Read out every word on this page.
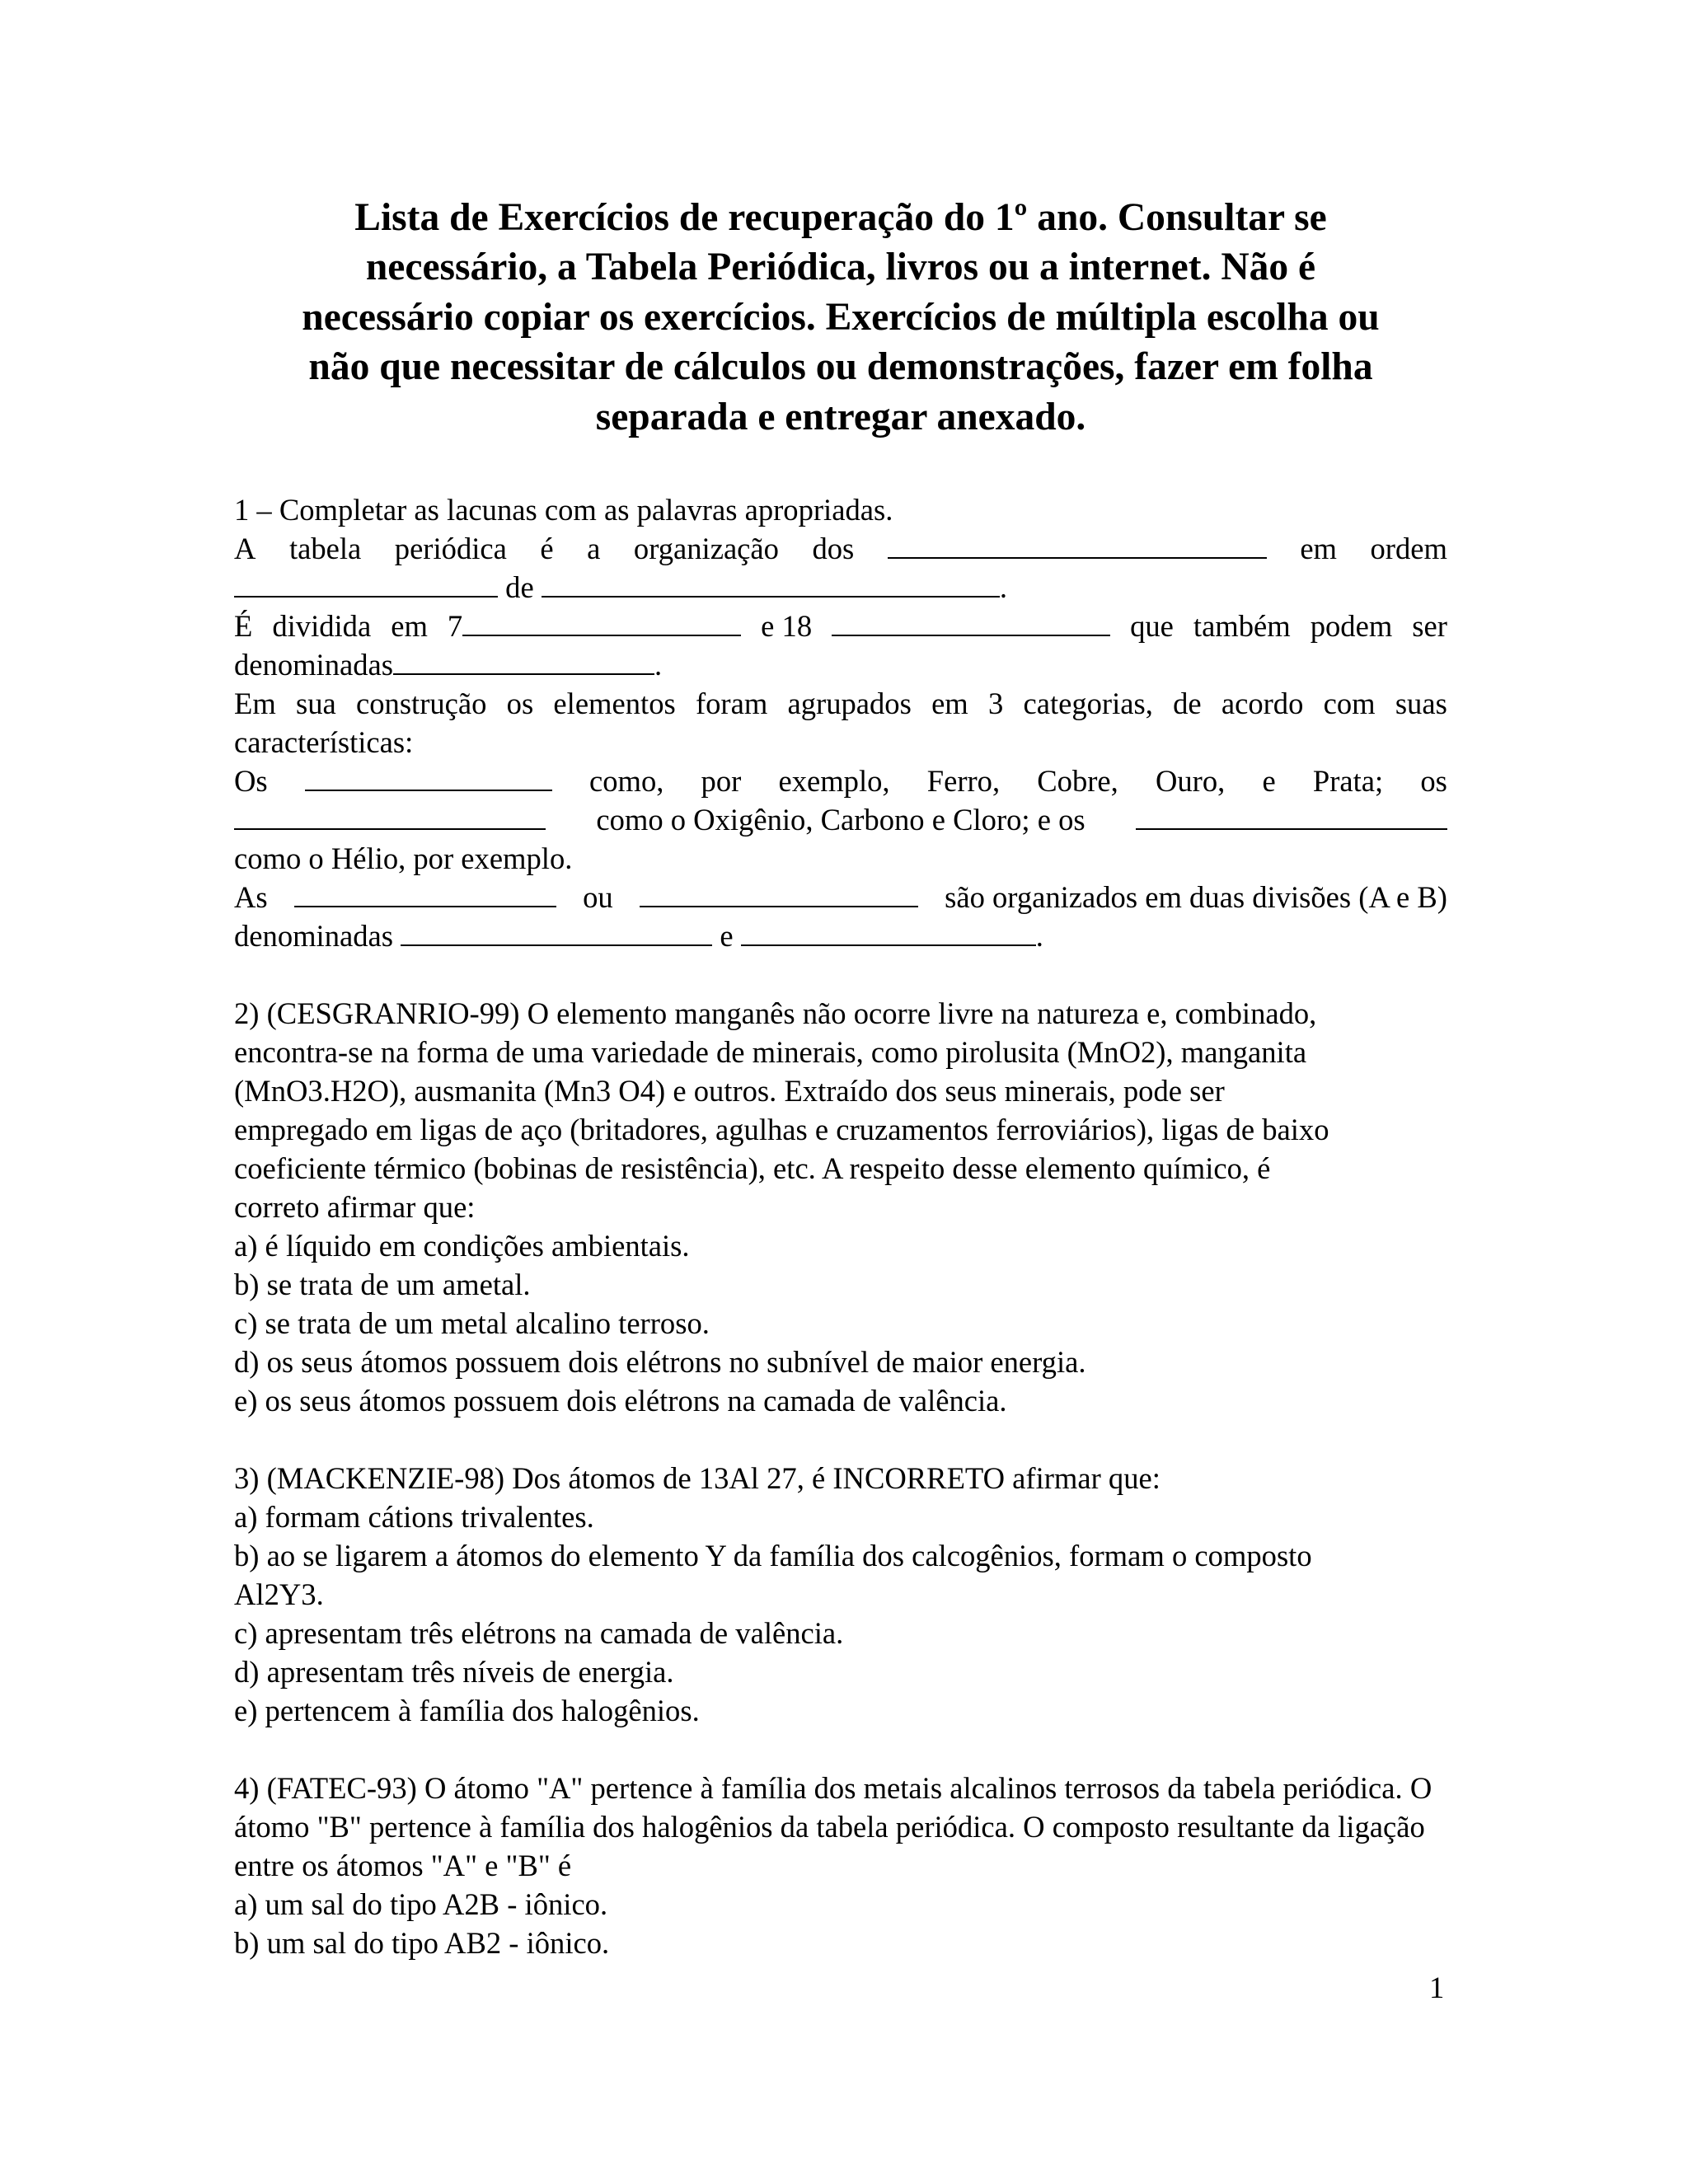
Lista de Exercícios de recuperação do 1º ano. Consultar se
necessário, a Tabela Periódica, livros ou a internet. Não é
necessário copiar os exercícios. Exercícios de múltipla escolha ou
não que necessitar de cálculos ou demonstrações, fazer em folha
separada e entregar anexado.
1 – Completar as lacunas com as palavras apropriadas.
A tabela periódica é a organização dos	em ordem
de	.
É dividida em 7	e 18	que também podem ser
denominadas	.
Em sua construção os elementos foram agrupados em 3 categorias, de acordo com suas
características:
Os	como, por exemplo, Ferro, Cobre, Ouro, e Prata; os
como o Oxigênio, Carbono e Cloro; e os
como o Hélio, por exemplo.
As	ou	são organizados em duas divisões (A e B)
denominadas	e	.
2) (CESGRANRIO-99) O elemento manganês não ocorre livre na natureza e, combinado,
encontra-se na forma de uma variedade de minerais, como pirolusita (MnO2), manganita
(MnO3.H2O), ausmanita (Mn3 O4) e outros. Extraído dos seus minerais, pode ser
empregado em ligas de aço (britadores, agulhas e cruzamentos ferroviários), ligas de baixo
coeficiente térmico (bobinas de resistência), etc. A respeito desse elemento químico, é
correto afirmar que:
a) é líquido em condições ambientais.
b) se trata de um ametal.
c) se trata de um metal alcalino terroso.
d) os seus átomos possuem dois elétrons no subnível de maior energia.
e) os seus átomos possuem dois elétrons na camada de valência.
3) (MACKENZIE-98) Dos átomos de 13Al 27, é INCORRETO afirmar que:
a) formam cátions trivalentes.
b) ao se ligarem a átomos do elemento Y da família dos calcogênios, formam o composto
Al2Y3.
c) apresentam três elétrons na camada de valência.
d) apresentam três níveis de energia.
e) pertencem à família dos halogênios.
4) (FATEC-93) O átomo "A" pertence à família dos metais alcalinos terrosos da tabela periódica. O
átomo "B" pertence à família dos halogênios da tabela periódica. O composto resultante da ligação
entre os átomos "A" e "B" é
a) um sal do tipo A2B - iônico.
b) um sal do tipo AB2 - iônico.
1
